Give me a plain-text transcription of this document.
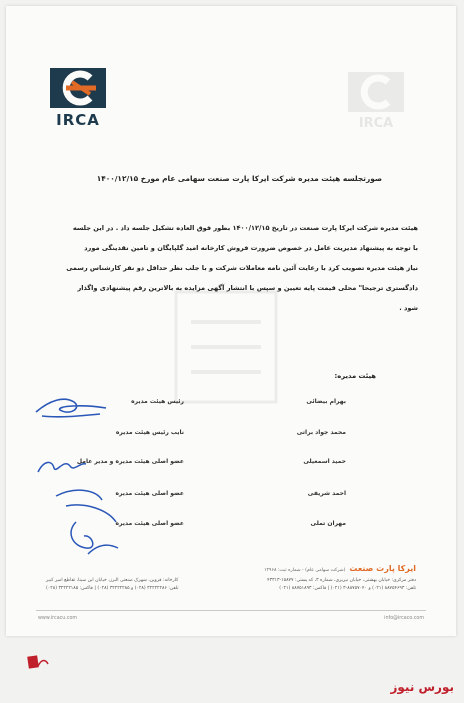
IRCA	IRCA
صورتجلسه هیئت مدیره شرکت ایرکا پارت صنعت سهامی عام مورخ ۱۴۰۰/۱۲/۱۵
هیئت مدیره شرکت ایرکا پارت صنعت در تاریخ ۱۴۰۰/۱۲/۱۵ بطور فوق العاده تشکیل جلسه داد . در این جلسه
با توجه به پیشنهاد مدیریت عامل در خصوص ضرورت فروش کارخانه امید گلپایگان و تامین نقدینگی مورد
نیاز هیئت مدیره تصویب کرد با رعایت آئین نامه معاملات شرکت و با جلب نظر حداقل دو نفر کارشناس رسمی
دادگستری ترجیحا" محلی قیمت پایه تعیین و سپس با انتشار آگهی مزایده به بالاترین رقم پیشنهادی واگذار
شود .
هیئت مدیره:
بهرام بیضائی
رئیس هیئت مدیره
محمد جواد براتی
نایب رئیس هیئت مدیره
حمید اسمعیلی
عضو اصلی هیئت مدیره و مدیر عامل
احمد شریفی
عضو اصلی هیئت مدیره
مهران تملی
عضو اصلی هیئت مدیره
ایرکا پارت صنعت(شرکت سهامی عام) - شماره ثبت: ۱۲۹۶۸
دفتر مرکزی: خیابان بهشتی، خیابان نیریزی، شماره ۳، کد پستی: ۱۵۸۷۷-۴۳۳۱۳
تلفن: ۸۸۷۵۴۶۹۳ (۰۲۱) و ۸۸۷۵۷۰۴۰-۳ (۰۲۱) | فاکس: ۸۸۷۵۱۸۹۳ (۰۲۱)
کارخانه: قزوین، شهرک صنعتی البرز، خیابان ابن سینا، تقاطع امیر کبیر
تلفن: ۳۲۲۲۲۲۸۶ (۰۲۸) و ۳۲۲۲۲۲۸۵ (۰۲۸) | فاکس: ۳۲۲۲۲۱۸۵ (۰۲۸)
www.ircacu.com	info@ircaco.com
بورس نیوز
